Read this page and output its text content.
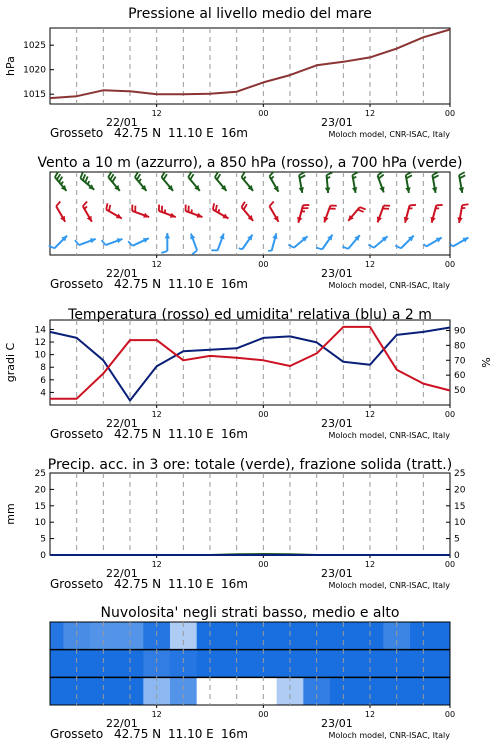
Pressione al livello medio del mare
12	00	12	00
22/01	23/01
Grosseto 42.75 N 11.10 E 16m	Moloch model, CNR-ISAC, Italy
1015
1020
1025
hPa
Vento a 10 m (azzurro), a 850 hPa (rosso), a 700 hPa (verde)
12	00	12	00
22/01	23/01
Grosseto 42.75 N 11.10 E 16m	Moloch model, CNR-ISAC, Italy
Temperatura (rosso) ed umidita' relativa (blu) a 2 m
12	00	12	00
22/01	23/01
Grosseto 42.75 N 11.10 E 16m	Moloch model, CNR-ISAC, Italy
4
6
8
10
12
14
50
60
70
80
90
gradi C	%
Precip. acc. in 3 ore: totale (verde), frazione solida (tratt.)
12	00	12	00
22/01	23/01
Grosseto 42.75 N 11.10 E 16m	Moloch model, CNR-ISAC, Italy
0
5
10
15
20
25
0
5
10
15
20
25
mm
Nuvolosita' negli strati basso, medio e alto
12	00	12	00
22/01	23/01
Grosseto 42.75 N 11.10 E 16m	Moloch model, CNR-ISAC, Italy
